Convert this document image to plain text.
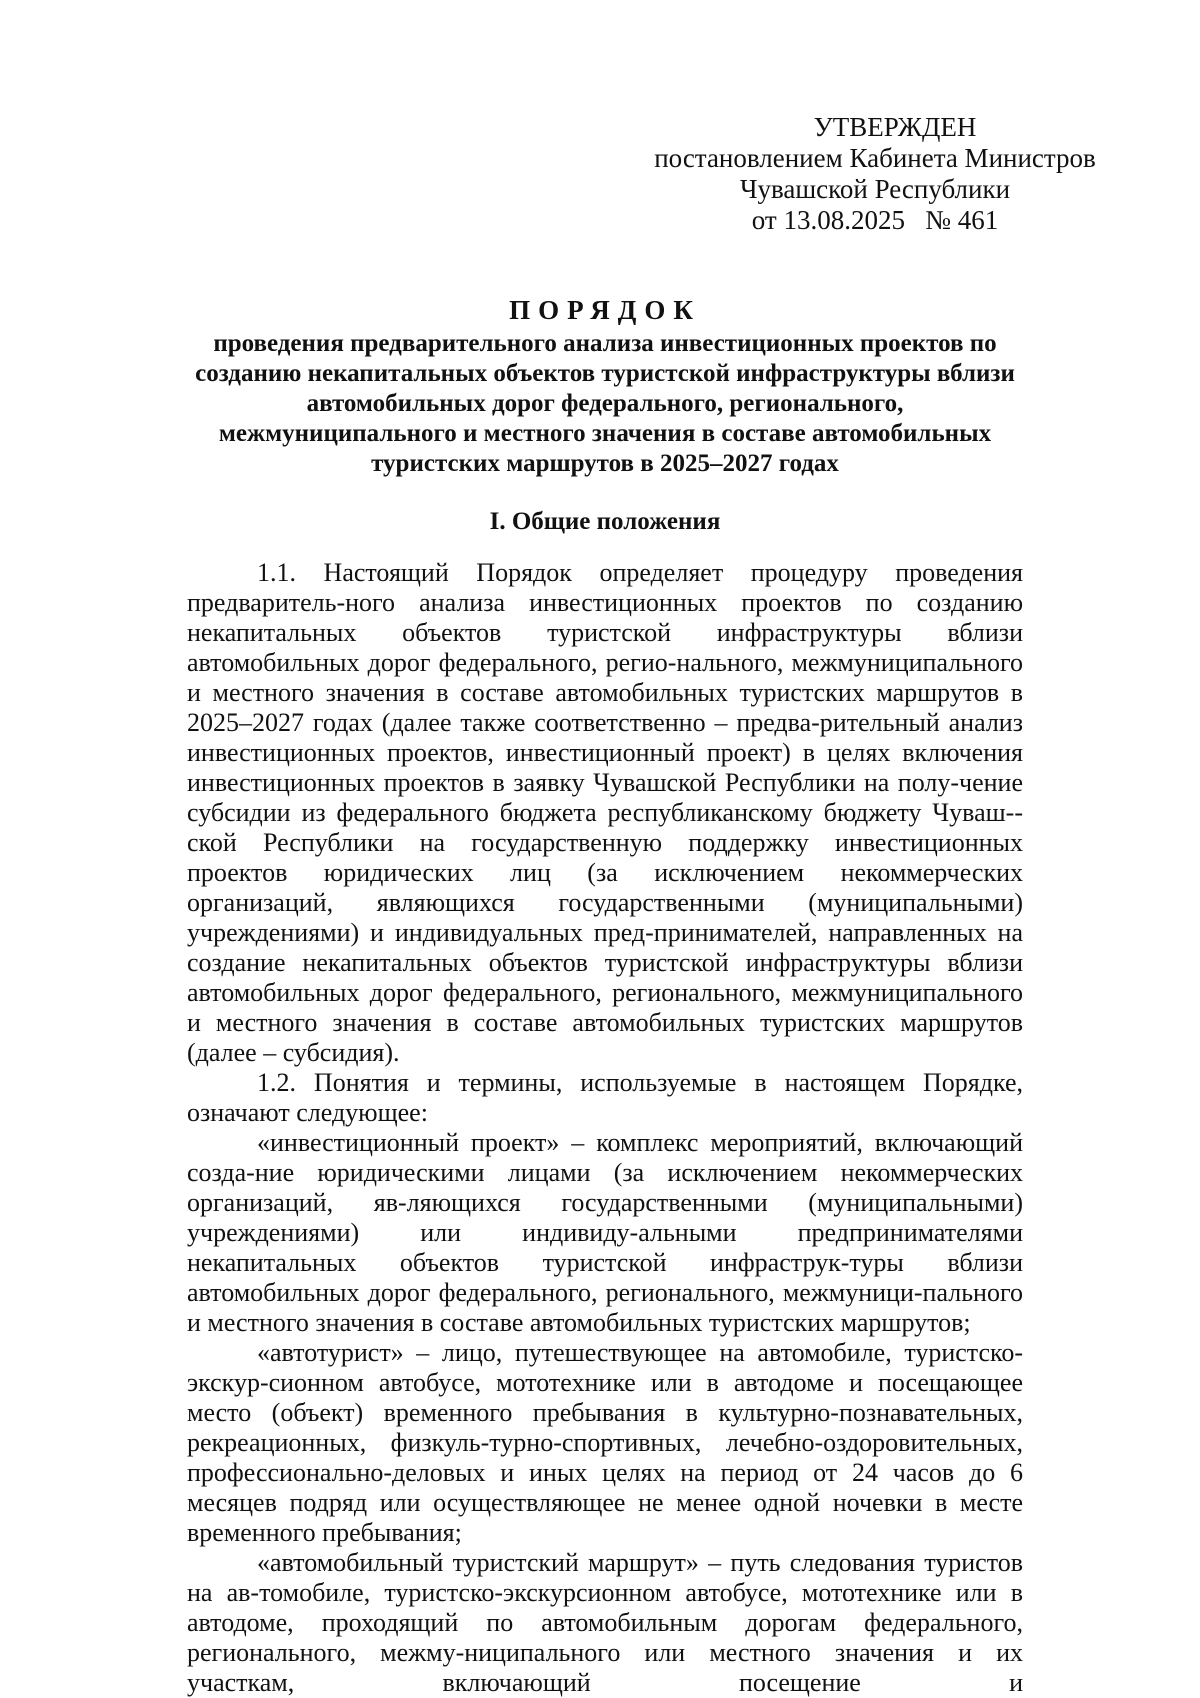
УТВЕРЖДЕН
постановлением Кабинета Министров
Чувашской Республики
от 13.08.2025   № 461
ПОРЯДОК
проведения предварительного анализа инвестиционных проектов по созданию некапитальных объектов туристской инфраструктуры вблизи автомобильных дорог федерального, регионального, межмуниципального и местного значения в составе автомобильных туристских маршрутов в 2025–2027 годах
I. Общие положения

1.1. Настоящий Порядок определяет процедуру проведения предваритель-ного анализа инвестиционных проектов по созданию некапитальных объектов туристской инфраструктуры вблизи автомобильных дорог федерального, регио-нального, межмуниципального и местного значения в составе автомобильных туристских маршрутов в 2025–2027 годах (далее также соответственно – предва-рительный анализ инвестиционных проектов, инвестиционный проект) в целях включения инвестиционных проектов в заявку Чувашской Республики на полу-чение субсидии из федерального бюджета республиканскому бюджету Чуваш-ской Республики на государственную поддержку инвестиционных проектов юридических лиц (за исключением некоммерческих организаций, являющихся государственными (муниципальными) учреждениями) и индивидуальных пред-принимателей, направленных на создание некапитальных объектов туристской инфраструктуры вблизи автомобильных дорог федерального, регионального, межмуниципального и местного значения в составе автомобильных туристских маршрутов (далее – субсидия).

1.2. Понятия и термины, используемые в настоящем Порядке, означают следующее:

«инвестиционный проект» – комплекс мероприятий, включающий созда-ние юридическими лицами (за исключением некоммерческих организаций, яв-ляющихся государственными (муниципальными) учреждениями) или индивиду-альными предпринимателями некапитальных объектов туристской инфраструк-туры вблизи автомобильных дорог федерального, регионального, межмуници-пального и местного значения в составе автомобильных туристских маршрутов;

«автотурист» – лицо, путешествующее на автомобиле, туристско-экскур-сионном автобусе, мототехнике или в автодоме и посещающее место (объект) временного пребывания в культурно-познавательных, рекреационных, физкуль-турно-спортивных, лечебно-оздоровительных, профессионально-деловых и иных целях на период от 24 часов до 6 месяцев подряд или осуществляющее не менее одной ночевки в месте временного пребывания;

«автомобильный туристский маршрут» – путь следования туристов на ав-томобиле, туристско-экскурсионном автобусе, мототехнике или в автодоме, проходящий по автомобильным дорогам федерального, регионального, межму-ниципального или местного значения и их участкам, включающий посещение и
